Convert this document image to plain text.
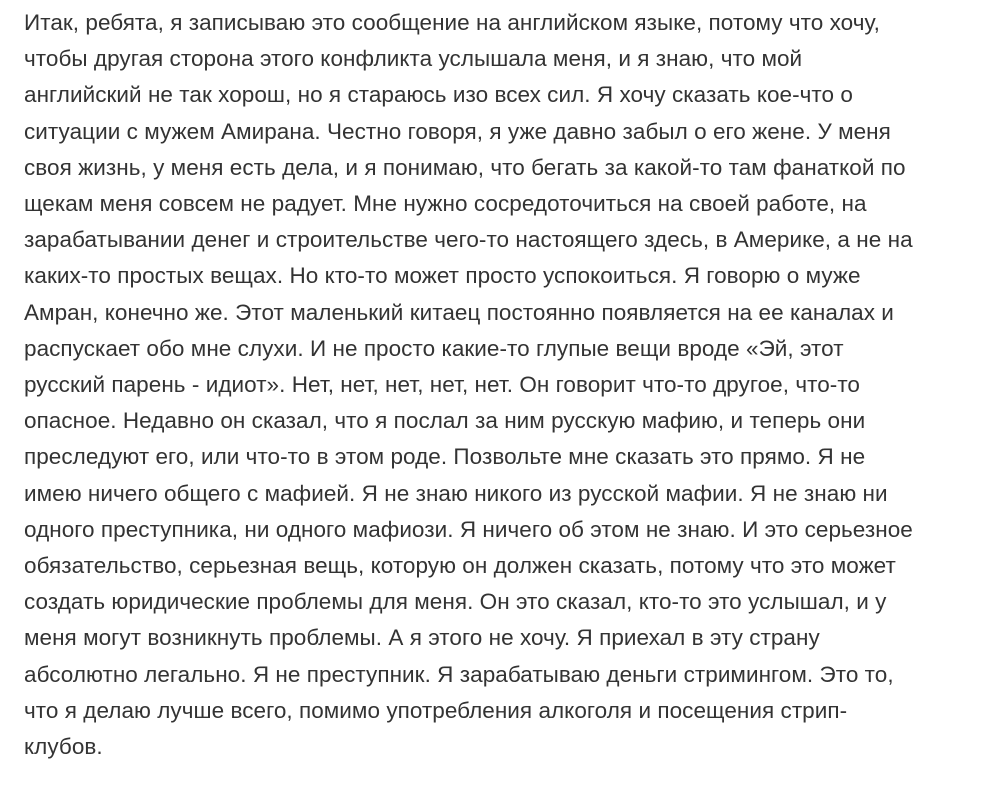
Итак, ребята, я записываю это сообщение на английском языке, потому что хочу,
чтобы другая сторона этого конфликта услышала меня, и я знаю, что мой
английский не так хорош, но я стараюсь изо всех сил. Я хочу сказать кое-что о
ситуации с мужем Амирана. Честно говоря, я уже давно забыл о его жене. У меня
своя жизнь, у меня есть дела, и я понимаю, что бегать за какой-то там фанаткой по
щекам меня совсем не радует. Мне нужно сосредоточиться на своей работе, на
зарабатывании денег и строительстве чего-то настоящего здесь, в Америке, а не на
каких-то простых вещах. Но кто-то может просто успокоиться. Я говорю о муже
Амран, конечно же. Этот маленький китаец постоянно появляется на ее каналах и
распускает обо мне слухи. И не просто какие-то глупые вещи вроде «Эй, этот
русский парень - идиот». Нет, нет, нет, нет, нет. Он говорит что-то другое, что-то
опасное. Недавно он сказал, что я послал за ним русскую мафию, и теперь они
преследуют его, или что-то в этом роде. Позвольте мне сказать это прямо. Я не
имею ничего общего с мафией. Я не знаю никого из русской мафии. Я не знаю ни
одного преступника, ни одного мафиози. Я ничего об этом не знаю. И это серьезное
обязательство, серьезная вещь, которую он должен сказать, потому что это может
создать юридические проблемы для меня. Он это сказал, кто-то это услышал, и у
меня могут возникнуть проблемы. А я этого не хочу. Я приехал в эту страну
абсолютно легально. Я не преступник. Я зарабатываю деньги стримингом. Это то,
что я делаю лучше всего, помимо употребления алкоголя и посещения стрип-
клубов.
